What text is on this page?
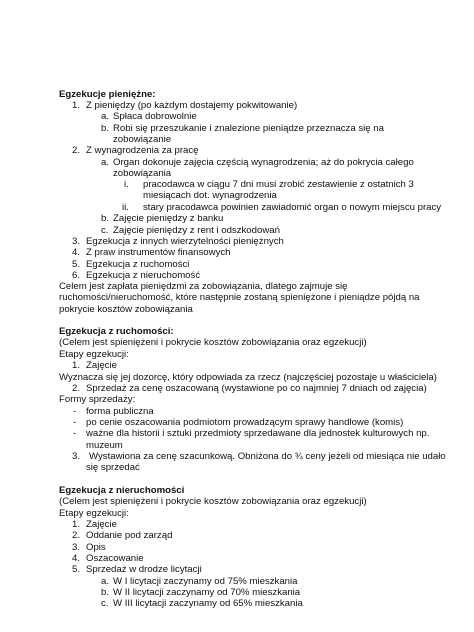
Egzekucje pieniężne:
1. Z pieniędzy (po każdym dostajemy pokwitowanie)
a. Spłaca dobrowolnie
b. Robi się przeszukanie i znalezione pieniądze przeznacza się na
zobowiązanie
2. Z wynagrodzenia za pracę
a. Organ dokonuje zajęcia częścią wynagrodzenia; aż do pokrycia całego
zobowiązania
i. pracodawca w ciągu 7 dni musi zrobić zestawienie z ostatnich 3
miesiącach dot. wynagrodzenia
ii. stary pracodawca powinien zawiadomić organ o nowym miejscu pracy
b. Zajęcie pieniędzy z banku
c. Zajęcie pieniędzy z rent i odszkodowań
3. Egzekucja z innych wierzytelności pieniężnych
4. Z praw instrumentów finansowych
5. Egzekucja z ruchomości
6. Egzekucja z nieruchomość
Celem jest zapłata pieniędzmi za zobowiązania, dlatego zajmuje się
ruchomości/nieruchomość, które następnie zostaną spieniężone i pieniądze pójdą na
pokrycie kosztów zobowiązania
Egzekucja z ruchomości:
(Celem jest spieniężeni i pokrycie kosztów zobowiązania oraz egzekucji)
Etapy egzekucji:
1. Zajęcie
Wyznacza się jej dozorcę, który odpowiada za rzecz (najczęściej pozostaje u właściciela)
2. Sprzedaż za cenę oszacowaną (wystawione po co najmniej 7 dniach od zajęcia)
Formy sprzedaży:
- forma publiczna
- po cenie oszacowania podmiotom prowadzącym sprawy handlowe (komis)
- ważne dla historii i sztuki przedmioty sprzedawane dla jednostek kulturowych np.
muzeum
3. Wystawiona za cenę szacunkową. Obniżona do ¾ ceny jeżeli od miesiąca nie udało
się sprzedać
Egzekucja z nieruchomości
(Celem jest spieniężeni i pokrycie kosztów zobowiązania oraz egzekucji)
Etapy egzekucji:
1. Zajęcie
2. Oddanie pod zarząd
3. Opis
4. Oszacowanie
5. Sprzedaż w drodze licytacji
a. W I licytacji zaczynamy od 75% mieszkania
b. W II licytacji zaczynamy od 70% mieszkania
c. W III licytacji zaczynamy od 65% mieszkania
